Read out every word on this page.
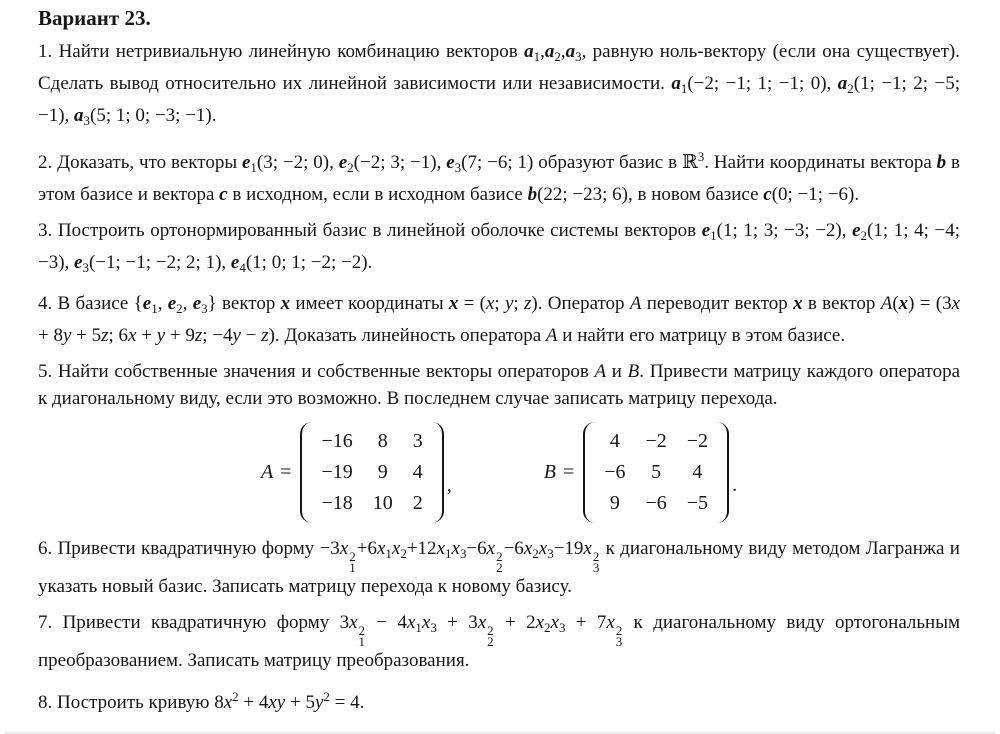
Вариант 23.

1. Найти нетривиальную линейную комбинацию векторов $a_1,a_2,a_3$, равную ноль-вектору (если она существует). Сделать вывод относительно их линейной зависимости или независимости. $a_1(-2$; −1; 1; −1; 0), $a_2(1$; −1; 2; −5; −1), $a_3(5$; 1; 0; −3; −1).

2. Доказать, что векторы $e_1(3$; −2; 0), $e_2(-2$; 3; −1), $e_3(7$; −6; 1) образуют базис в ℝ$^3$. Найти координаты вектора b в этом базисе и вектора c в исходном, если в исходном базисе b(22; −23; 6), в новом базисе c(0; −1; −6).

3. Построить ортонормированный базис в линейной оболочке системы векторов $e_1(1$; 1; 3; −3; −2), $e_2(1$; 1; 4; −4; −3), $e_3(-1$; −1; −2; 2; 1), $e_4(1$; 0; 1; −2; −2).

4. В базисе {$e_1$, $e_2$, $e_3$} вектор x имеет координаты x = (x; y; z). Оператор A переводит вектор x в вектор A(x) = (3x + 8y + 5z; 6x + y + 9z; −4y − z). Доказать линейность оператора A и найти его матрицу в этом базисе.

5. Найти собственные значения и собственные векторы операторов A и B. Привести матрицу каждого оператора к диагональному виду, если это возможно. В последнем случае записать матрицу перехода.

A =
−16 8 3
−19 9 4
−18 10 2
,
B =
4 −2 −2
−6 5 4
9 −6 −5
.

6. Привести квадратичную форму −3x 2
1
$+6x_1x_2+12x_1x_3-6x$ 2
2
$-6x_2x_3-19x$ 2
3
к диагональному виду методом Лагранжа и указать новый базис. Записать матрицу перехода к новому базису.

7. Привести квадратичную форму 3x 2
1
− $4x_1x_3 + 3x$ 2
2
+ $2x_2x_3 + 7x$ 2
3
к диагональному виду ортогональным преобразованием. Записать матрицу преобразования.

8. Построить кривую $8x^2 + 4xy + 5y^2 = 4$.
